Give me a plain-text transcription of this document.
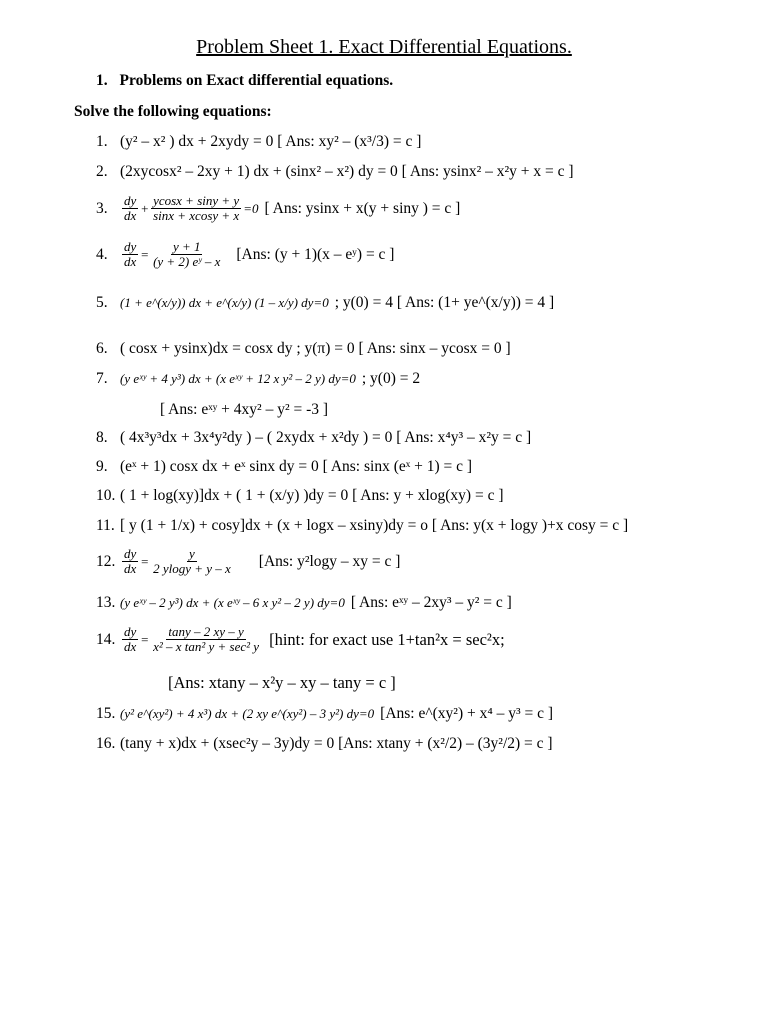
Problem Sheet 1. Exact Differential Equations.
1. Problems on Exact differential equations.
Solve the following equations:
1. (y² – x² ) dx + 2xydy = 0 [ Ans: xy² – (x³/3) = c ]
2. (2xycosx² – 2xy + 1) dx + (sinx² – x²) dy = 0 [ Ans: ysinx² – x²y + x = c ]
3.	$\frac{dy}{dx} + \frac{ycosx + \sin y + y}{\sin x + xcosy + x} =0$ [ Ans: ysinx + x(y + siny ) = c ]
4.	$\frac{dy}{dx} = \frac{y + 1}{\text{(y + 2) eʸ – x}} [Ans$: (y + 1)(x – eʸ) = c ]
5. (1 + e^(x/y)) dx + e^(x/y) (1 – x/y) dy=0 ; y(0) = 4 [ Ans: (1+ ye^(x/y)) = 4 ]
6. ( cosx + ysinx)dx = cosx dy ; y(π) = 0 [ Ans: sinx – ycosx = 0 ]
7. (y eˣʸ + 4 y³) dx + (x eˣʸ + 12 x y² – 2 y) dy=0 ; y(0) = 2
[ Ans: eˣʸ + 4xy² – y² = -3 ]
8. ( 4x³y³dx + 3x⁴y²dy ) – ( 2xydx + x²dy ) = 0 [ Ans: x⁴y³ – x²y = c ]
9. (eˣ + 1) cosx dx + eˣ sinx dy = 0 [ Ans: sinx (eˣ + 1) = c ]
10. ( 1 + log(xy)]dx + ( 1 + (x/y) )dy = 0 [ Ans: y + xlog(xy) = c ]
11. [ y (1 + 1/x) + cosy]dx + (x + logx – xsiny)dy = o [ Ans: y(x + logy )+x cosy = c ]
12. $\frac{dy}{dx} = \frac{y}{2 ylogy + y - x} [Ans$: y²logy – xy = c ]
13. (y eˣʸ – 2 y³) dx + (x eˣʸ – 6 x y² – 2 y) dy=0 [ Ans: eˣʸ – 2xy³ – y² = c ]
14. $\frac{dy}{dx} = \frac{\tan y - 2 xy - y}{\text{x² – x tan² y + sec² y}}$ [hint: for exact use 1+tan²x = sec²x;
[Ans: xtany – x²y – xy – tany = c ]
15. (y² e^(xy²) + 4 x³) dx + (2 xy e^(xy²) – 3 y²) dy=0 [Ans: e^(xy²) + x⁴ – y³ = c ]
16. (tany + x)dx + (xsec²y – 3y)dy = 0 [Ans: xtany + (x²/2) – (3y²/2) = c ]
